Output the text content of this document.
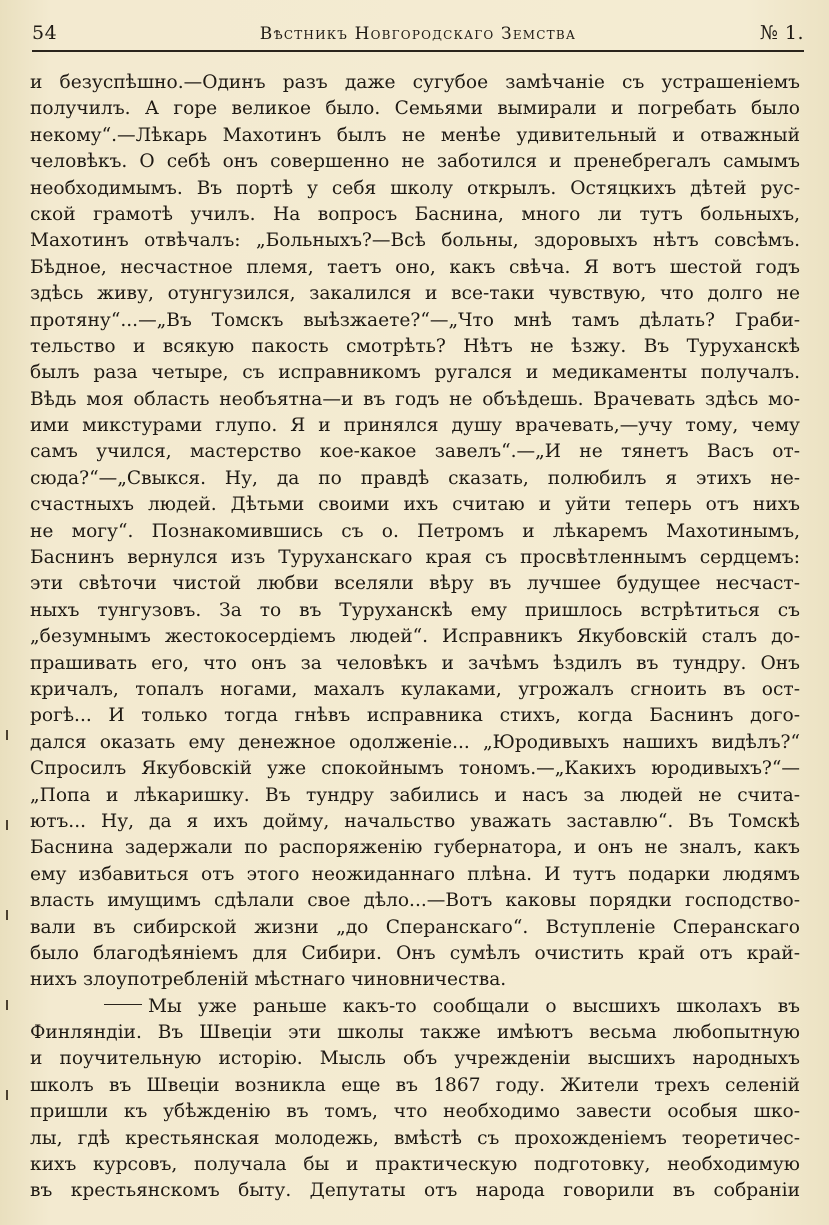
54	Вѣстникъ Новгородскаго Земства	№ 1.
и безуспѣшно.—Одинъ разъ даже сугубое замѣчаніе съ устрашеніемъ
получилъ. А горе великое было. Семьями вымирали и погребать было
некому“.—Лѣкарь Махотинъ былъ не менѣе удивительный и отважный
человѣкъ. О себѣ онъ совершенно не заботился и пренебрегалъ самымъ
необходимымъ. Въ портѣ у себя школу открылъ. Остяцкихъ дѣтей рус-
ской грамотѣ училъ. На вопросъ Баснина, много ли тутъ больныхъ,
Махотинъ отвѣчалъ: „Больныхъ?—Всѣ больны, здоровыхъ нѣтъ совсѣмъ.
Бѣдное, несчастное племя, таетъ оно, какъ свѣча. Я вотъ шестой годъ
здѣсь живу, отунгузился, закалился и все-таки чувствую, что долго не
протяну“...—„Въ Томскъ выѣзжаете?“—„Что мнѣ тамъ дѣлать? Граби-
тельство и всякую пакость смотрѣть? Нѣтъ не ѣзжу. Въ Туруханскѣ
былъ раза четыре, съ исправникомъ ругался и медикаменты получалъ.
Вѣдь моя область необъятна—и въ годъ не объѣдешь. Врачевать здѣсь мо-
ими микстурами глупо. Я и принялся душу врачевать,—учу тому, чему
самъ учился, мастерство кое-какое завелъ“.—„И не тянетъ Васъ от-
сюда?“—„Свыкся. Ну, да по правдѣ сказать, полюбилъ я этихъ не-
счастныхъ людей. Дѣтьми своими ихъ считаю и уйти теперь отъ нихъ
не могу“. Познакомившись съ о. Петромъ и лѣкаремъ Махотинымъ,
Баснинъ вернулся изъ Туруханскаго края съ просвѣтленнымъ сердцемъ:
эти свѣточи чистой любви вселяли вѣру въ лучшее будущее несчаст-
ныхъ тунгузовъ. За то въ Туруханскѣ ему пришлось встрѣтиться съ
„безумнымъ жестокосердіемъ людей“. Исправникъ Якубовскій сталъ до-
прашивать его, что онъ за человѣкъ и зачѣмъ ѣздилъ въ тундру. Онъ
кричалъ, топалъ ногами, махалъ кулаками, угрожалъ сгноить въ ост-
рогѣ... И только тогда гнѣвъ исправника стихъ, когда Баснинъ дого-
дался оказать ему денежное одолженіе... „Юродивыхъ нашихъ видѣлъ?“
Спросилъ Якубовскій уже спокойнымъ тономъ.—„Какихъ юродивыхъ?“—
„Попа и лѣкаришку. Въ тундру забились и насъ за людей не счита-
ютъ... Ну, да я ихъ дойму, начальство уважать заставлю“. Въ Томскѣ
Баснина задержали по распоряженію губернатора, и онъ не зналъ, какъ
ему избавиться отъ этого неожиданнаго плѣна. И тутъ подарки людямъ
власть имущимъ сдѣлали свое дѣло...—Вотъ каковы порядки господство-
вали въ сибирской жизни „до Сперанскаго“. Вступленіе Сперанскаго
было благодѣяніемъ для Сибири. Онъ сумѣлъ очистить край отъ край-
нихъ злоупотребленій мѣстнаго чиновничества.
Мы уже раньше какъ-то сообщали о высшихъ школахъ въ
Финляндіи. Въ Швеціи эти школы также имѣютъ весьма любопытную
и поучительную исторію. Мысль объ учрежденіи высшихъ народныхъ
школъ въ Швеціи возникла еще въ 1867 году. Жители трехъ селеній
пришли къ убѣжденію въ томъ, что необходимо завести особыя шко-
лы, гдѣ крестьянская молодежь, вмѣстѣ съ прохожденіемъ теоретичес-
кихъ курсовъ, получала бы и практическую подготовку, необходимую
въ крестьянскомъ быту. Депутаты отъ народа говорили въ собраніи
